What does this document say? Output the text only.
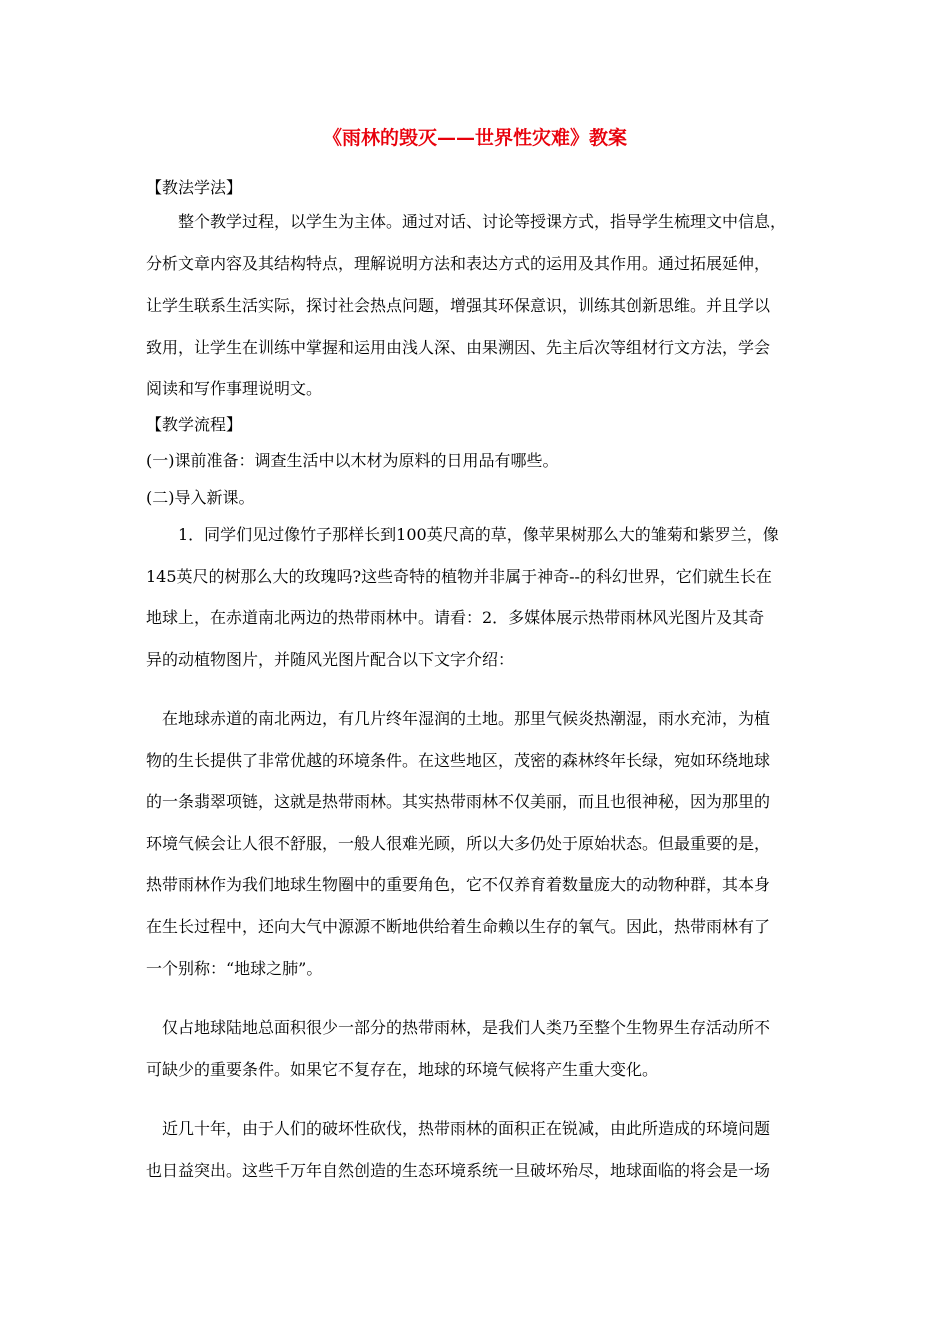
《雨林的毁灭——世界性灾难》教案
【教法学法】
　　整个教学过程，以学生为主体。通过对话、讨论等授课方式，指导学生梳理文中信息，
分析文章内容及其结构特点，理解说明方法和表达方式的运用及其作用。通过拓展延伸，
让学生联系生活实际，探讨社会热点问题，增强其环保意识，训练其创新思维。并且学以
致用，让学生在训练中掌握和运用由浅人深、由果溯因、先主后次等组材行文方法，学会
阅读和写作事理说明文。
【教学流程】
(一)课前准备：调查生活中以木材为原料的日用品有哪些。
(二)导入新课。
　　1．同学们见过像竹子那样长到100英尺高的草，像苹果树那么大的雏菊和紫罗兰，像
145英尺的树那么大的玫瑰吗?这些奇特的植物并非属于神奇--的科幻世界，它们就生长在
地球上，在赤道南北两边的热带雨林中。请看：2．多媒体展示热带雨林风光图片及其奇
异的动植物图片，并随风光图片配合以下文字介绍：
　在地球赤道的南北两边，有几片终年湿润的土地。那里气候炎热潮湿，雨水充沛，为植
物的生长提供了非常优越的环境条件。在这些地区，茂密的森林终年长绿，宛如环绕地球
的一条翡翠项链，这就是热带雨林。其实热带雨林不仅美丽，而且也很神秘，因为那里的
环境气候会让人很不舒服，一般人很难光顾，所以大多仍处于原始状态。但最重要的是，
热带雨林作为我们地球生物圈中的重要角色，它不仅养育着数量庞大的动物种群，其本身
在生长过程中，还向大气中源源不断地供给着生命赖以生存的氧气。因此，热带雨林有了
一个别称：“地球之肺”。
　仅占地球陆地总面积很少一部分的热带雨林，是我们人类乃至整个生物界生存活动所不
可缺少的重要条件。如果它不复存在，地球的环境气候将产生重大变化。
　近几十年，由于人们的破坏性砍伐，热带雨林的面积正在锐减，由此所造成的环境问题
也日益突出。这些千万年自然创造的生态环境系统一旦破坏殆尽，地球面临的将会是一场
